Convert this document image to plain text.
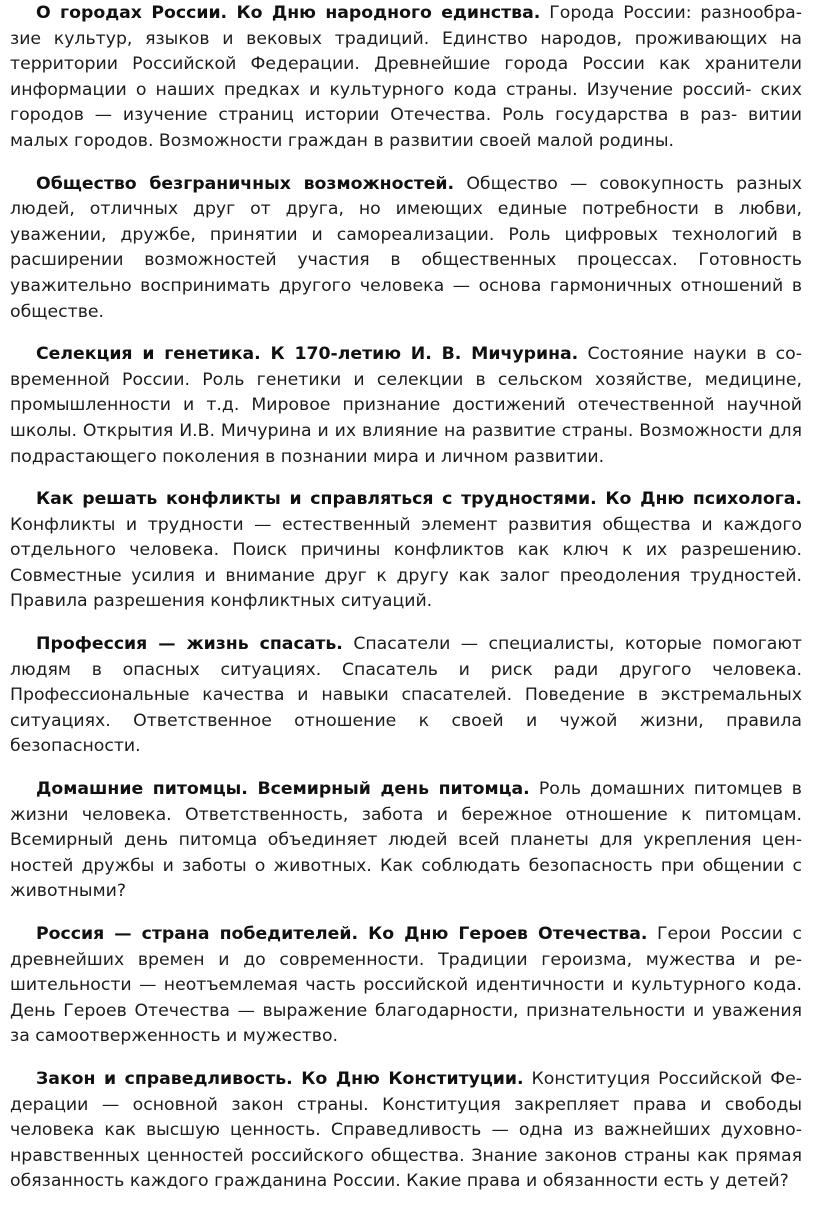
О городах России. Ко Дню народного единства. Города России: разнообра- зие культур, языков и вековых традиций. Единство народов, проживающих на территории Российской Федерации. Древнейшие города России как хранители информации о наших предках и культурного кода страны. Изучение россий- ских городов — изучение страниц истории Отечества. Роль государства в раз- витии малых городов. Возможности граждан в развитии своей малой родины.

Общество безграничных возможностей. Общество — совокупность разных людей, отличных друг от друга, но имеющих единые потребности в любви, уважении, дружбе, принятии и самореализации. Роль цифровых технологий в расширении возможностей участия в общественных процессах. Готовность уважительно воспринимать другого человека — основа гармоничных отношений в обществе.

Селекция и генетика. К 170-летию И. В. Мичурина. Состояние науки в современной России. Роль генетики и селекции в сельском хозяйстве, медицине, промышленности и т.д. Мировое признание достижений отечественной научной школы. Открытия И.В. Мичурина и их влияние на развитие страны. Возможности для подрастающего поколения в познании мира и личном развитии.

Как решать конфликты и справляться с трудностями. Ко Дню психолога. Конфликты и трудности — естественный элемент развития общества и каждого отдельного человека. Поиск причины конфликтов как ключ к их разрешению. Совместные усилия и внимание друг к другу как залог преодоления трудностей. Правила разрешения конфликтных ситуаций.

Профессия — жизнь спасать. Спасатели — специалисты, которые помогают людям в опасных ситуациях. Спасатель и риск ради другого человека. Профессиональные качества и навыки спасателей. Поведение в экстремальных ситуациях. Ответственное отношение к своей и чужой жизни, правила безопасности.

Домашние питомцы. Всемирный день питомца. Роль домашних питомцев в жизни человека. Ответственность, забота и бережное отношение к питомцам. Всемирный день питомца объединяет людей всей планеты для укрепления ценностей дружбы и заботы о животных. Как соблюдать безопасность при общении с животными?

Россия — страна победителей. Ко Дню Героев Отечества. Герои России с древнейших времен и до современности. Традиции героизма, мужества и решительности — неотъемлемая часть российской идентичности и культурного кода. День Героев Отечества — выражение благодарности, признательности и уважения за самоотверженность и мужество.

Закон и справедливость. Ко Дню Конституции. Конституция Российской Фе-дерации — основной закон страны. Конституция закрепляет права и свободы человека как высшую ценность. Справедливость — одна из важнейших духовно-нравственных ценностей российского общества. Знание законов страны как прямая обязанность каждого гражданина России. Какие права и обязанности есть у детей?
